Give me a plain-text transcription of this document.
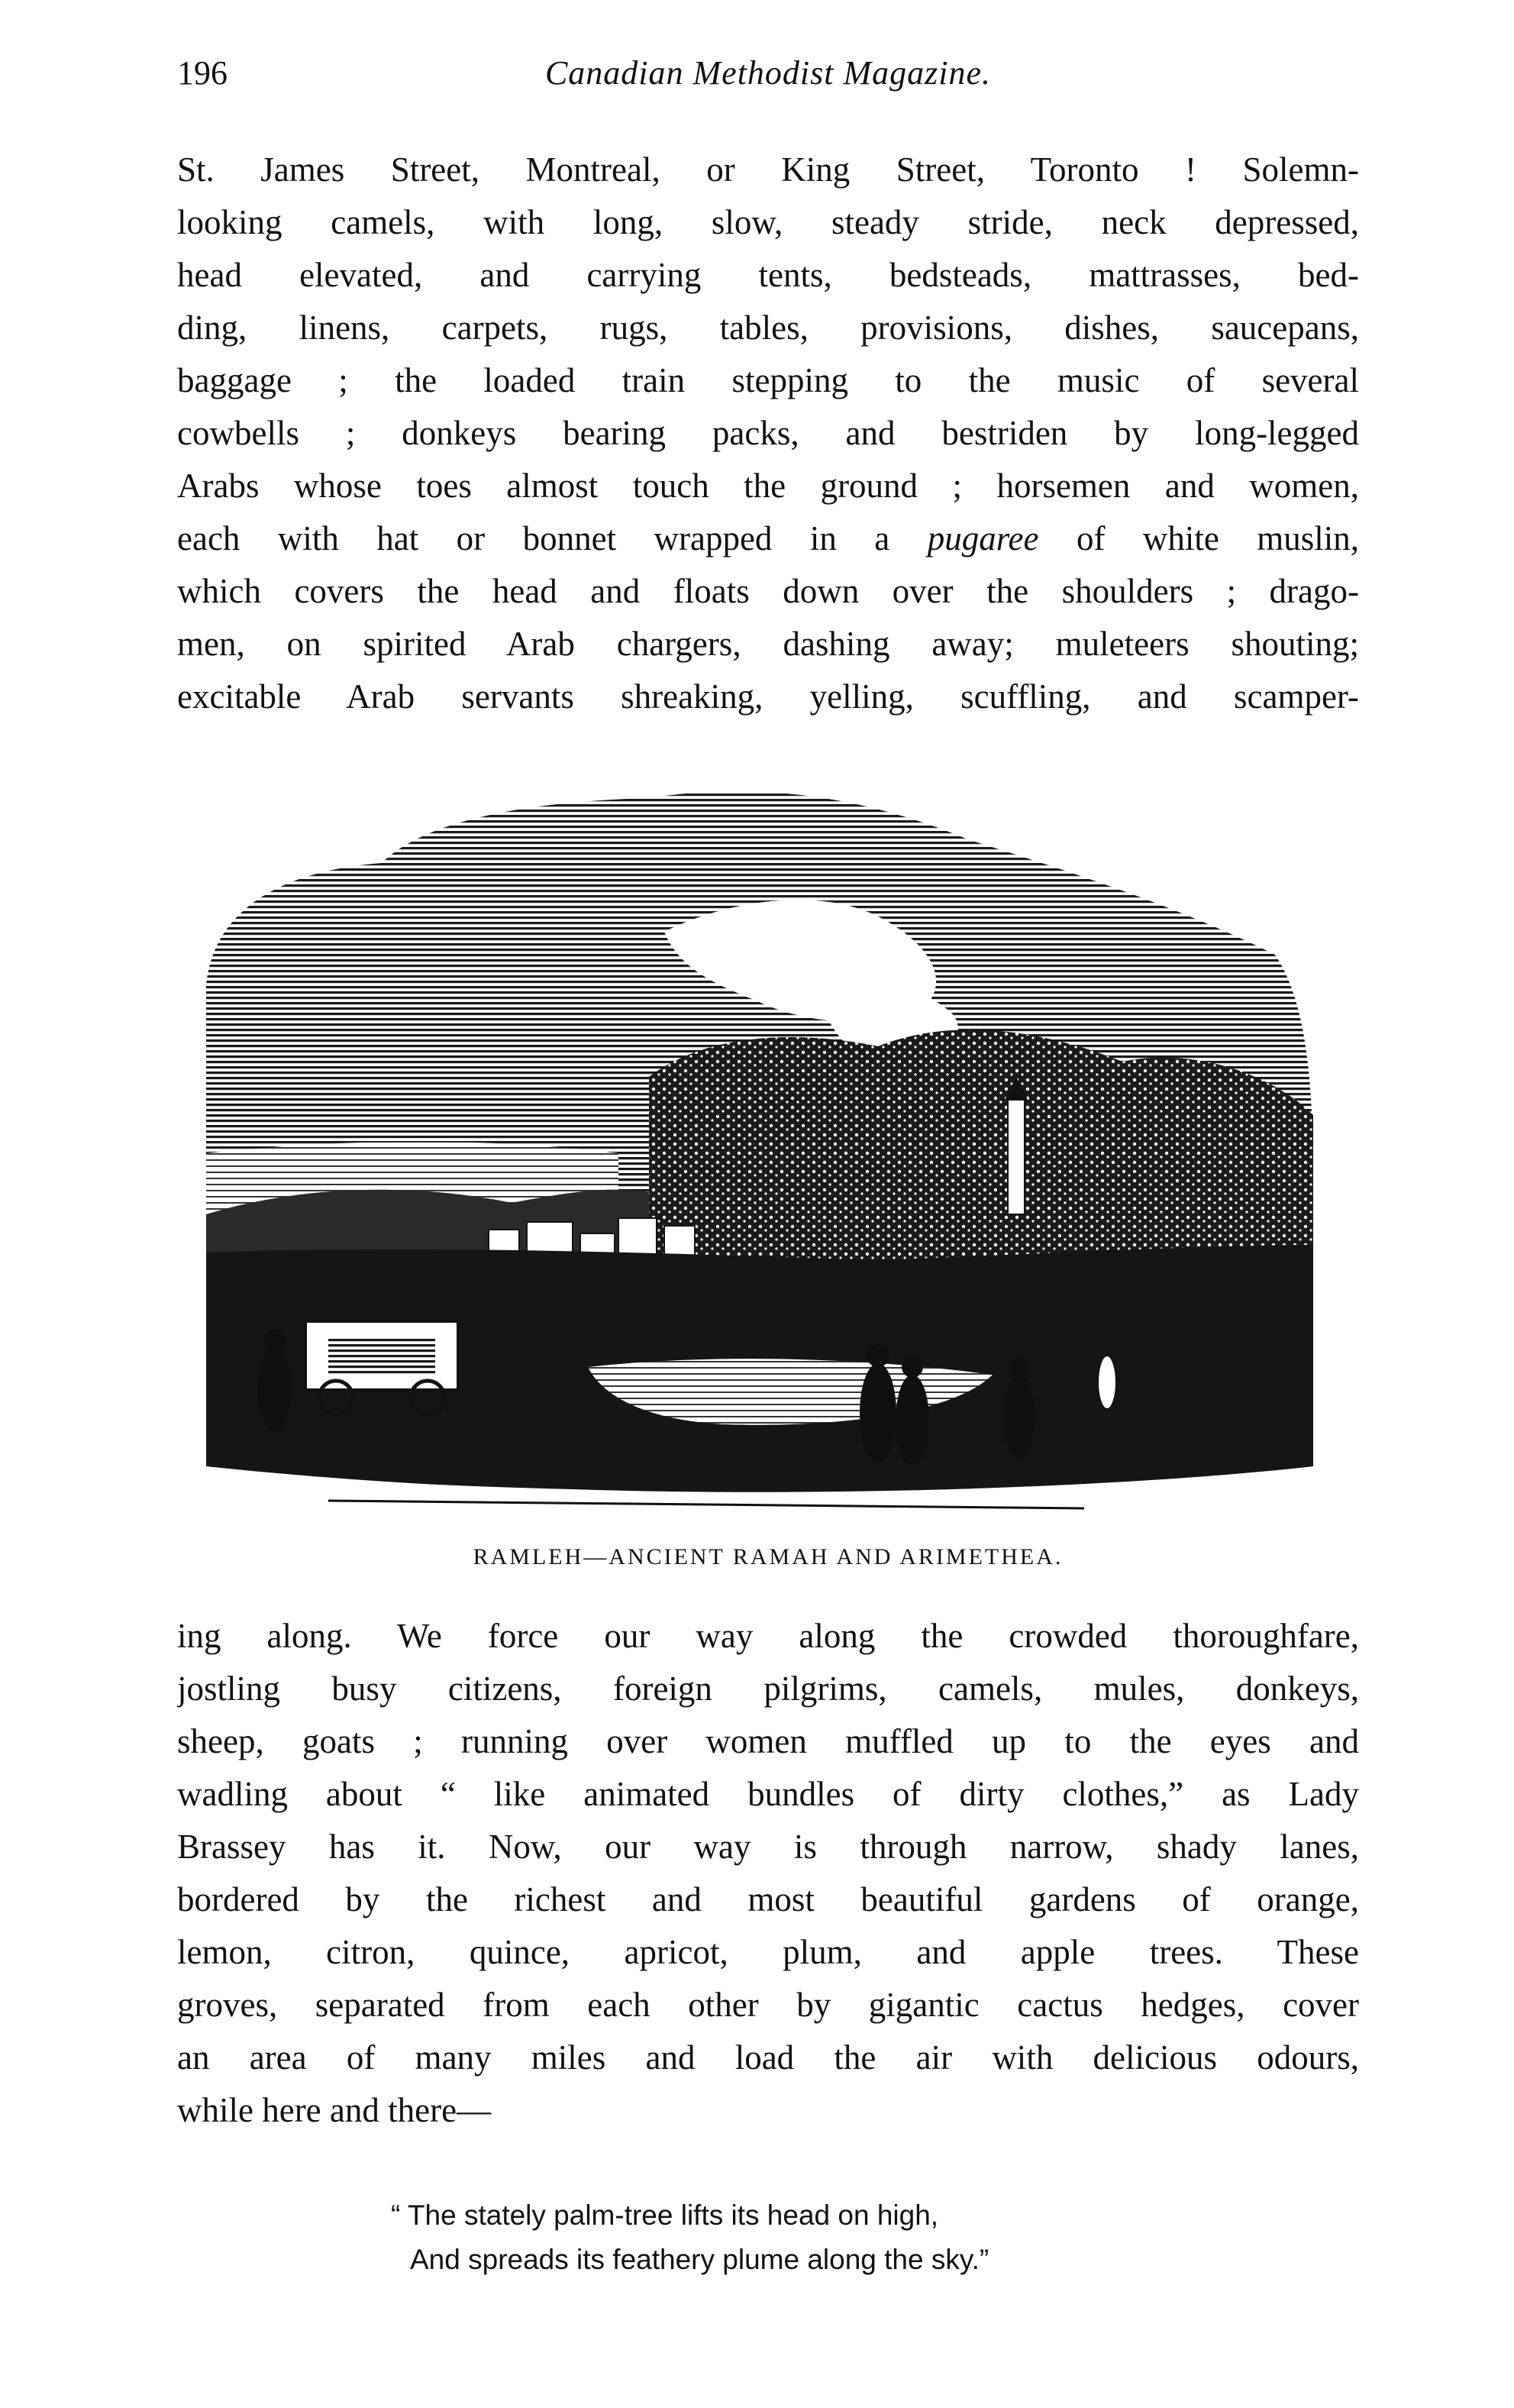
196	Canadian Methodist Magazine.
St. James Street, Montreal, or King Street, Toronto ! Solemn-
looking camels, with long, slow, steady stride, neck depressed,
head elevated, and carrying tents, bedsteads, mattrasses, bed-
ding, linens, carpets, rugs, tables, provisions, dishes, saucepans,
baggage ; the loaded train stepping to the music of several
cowbells ; donkeys bearing packs, and bestriden by long-legged
Arabs whose toes almost touch the ground ; horsemen and women,
each with hat or bonnet wrapped in a pugaree of white muslin,
which covers the head and floats down over the shoulders ; drago-
men, on spirited Arab chargers, dashing away; muleteers shouting;
excitable Arab servants shreaking, yelling, scuffling, and scamper-
RAMLEH—ANCIENT RAMAH AND ARIMETHEA.
ing along. We force our way along the crowded thoroughfare,
jostling busy citizens, foreign pilgrims, camels, mules, donkeys,
sheep, goats ; running over women muffled up to the eyes and
wadling about “ like animated bundles of dirty clothes,” as Lady
Brassey has it. Now, our way is through narrow, shady lanes,
bordered by the richest and most beautiful gardens of orange,
lemon, citron, quince, apricot, plum, and apple trees. These
groves, separated from each other by gigantic cactus hedges, cover
an area of many miles and load the air with delicious odours,
while here and there—
“ The stately palm-tree lifts its head on high,
And spreads its feathery plume along the sky.”
